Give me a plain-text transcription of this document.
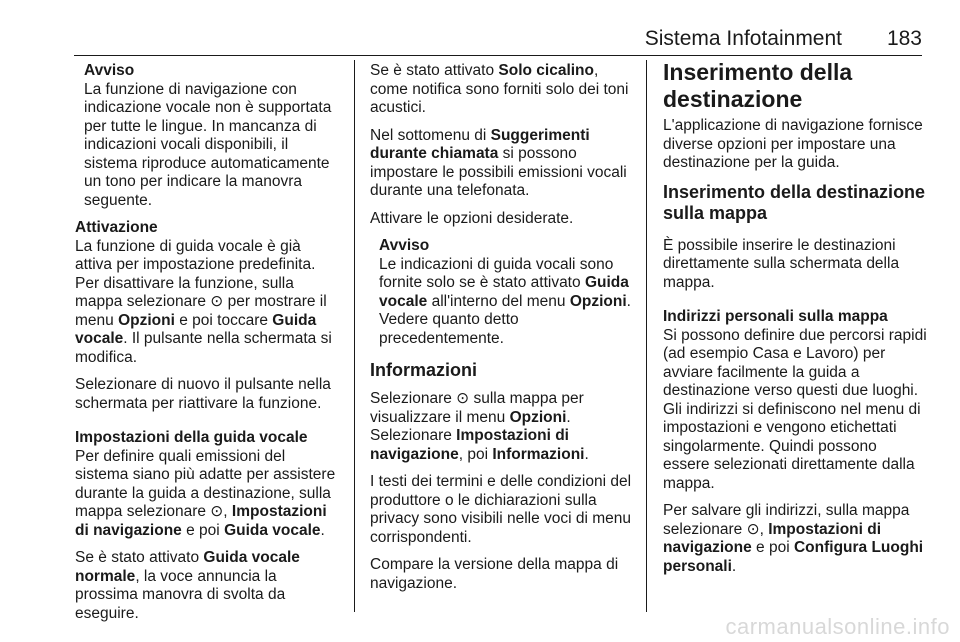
Sistema Infotainment 183
Avviso
La funzione di navigazione con indicazione vocale non è supportata per tutte le lingue. In mancanza di indicazioni vocali disponibili, il sistema riproduce automaticamente un tono per indicare la manovra seguente.
Attivazione
La funzione di guida vocale è già attiva per impostazione predefinita. Per disattivare la funzione, sulla mappa selezionare ⊙ per mostrare il menu Opzioni e poi toccare Guida vocale. Il pulsante nella schermata si modifica.
Selezionare di nuovo il pulsante nella schermata per riattivare la funzione.
Impostazioni della guida vocale
Per definire quali emissioni del sistema siano più adatte per assistere durante la guida a destinazione, sulla mappa selezionare ⊙, Impostazioni di navigazione e poi Guida vocale.
Se è stato attivato Guida vocale normale, la voce annuncia la prossima manovra di svolta da eseguire.
Se è stato attivato Solo cicalino, come notifica sono forniti solo dei toni acustici.
Nel sottomenu di Suggerimenti durante chiamata si possono impostare le possibili emissioni vocali durante una telefonata.
Attivare le opzioni desiderate.
Avviso
Le indicazioni di guida vocali sono fornite solo se è stato attivato Guida vocale all'interno del menu Opzioni. Vedere quanto detto precedentemente.
Informazioni
Selezionare ⊙ sulla mappa per visualizzare il menu Opzioni. Selezionare Impostazioni di navigazione, poi Informazioni.
I testi dei termini e delle condizioni del produttore o le dichiarazioni sulla privacy sono visibili nelle voci di menu corrispondenti.
Compare la versione della mappa di navigazione.
Inserimento della destinazione
L'applicazione di navigazione fornisce diverse opzioni per impostare una destinazione per la guida.
Inserimento della destinazione sulla mappa
È possibile inserire le destinazioni direttamente sulla schermata della mappa.
Indirizzi personali sulla mappa
Si possono definire due percorsi rapidi (ad esempio Casa e Lavoro) per avviare facilmente la guida a destinazione verso questi due luoghi. Gli indirizzi si definiscono nel menu di impostazioni e vengono etichettati singolarmente. Quindi possono essere selezionati direttamente dalla mappa.
Per salvare gli indirizzi, sulla mappa selezionare ⊙, Impostazioni di navigazione e poi Configura Luoghi personali.
carmanualsonline.info
